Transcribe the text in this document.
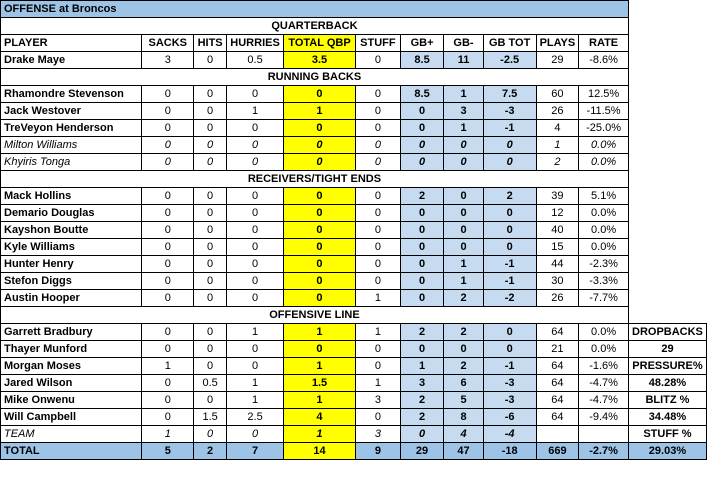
OFFENSE at Broncos											
QUARTERBACK											
PLAYER	SACKS	HITS	HURRIES	TOTAL QBP	STUFF	GB+	GB-	GB TOT	PLAYS	RATE	
Drake Maye	3	0	0.5	3.5	0	8.5	11	-2.5	29	-8.6%	
RUNNING BACKS											
Rhamondre Stevenson	0	0	0	0	0	8.5	1	7.5	60	12.5%	
Jack Westover	0	0	1	1	0	0	3	-3	26	-11.5%	
TreVeyon Henderson	0	0	0	0	0	0	1	-1	4	-25.0%	
Milton Williams	0	0	0	0	0	0	0	0	1	0.0%	
Khyiris Tonga	0	0	0	0	0	0	0	0	2	0.0%	
RECEIVERS/TIGHT ENDS											
Mack Hollins	0	0	0	0	0	2	0	2	39	5.1%	
Demario Douglas	0	0	0	0	0	0	0	0	12	0.0%	
Kayshon Boutte	0	0	0	0	0	0	0	0	40	0.0%	
Kyle Williams	0	0	0	0	0	0	0	0	15	0.0%	
Hunter Henry	0	0	0	0	0	0	1	-1	44	-2.3%	
Stefon Diggs	0	0	0	0	0	0	1	-1	30	-3.3%	
Austin Hooper	0	0	0	0	1	0	2	-2	26	-7.7%	
OFFENSIVE LINE											
Garrett Bradbury	0	0	1	1	1	2	2	0	64	0.0%	DROPBACKS
Thayer Munford	0	0	0	0	0	0	0	0	21	0.0%	29
Morgan Moses	1	0	0	1	0	1	2	-1	64	-1.6%	PRESSURE%
Jared Wilson	0	0.5	1	1.5	1	3	6	-3	64	-4.7%	48.28%
Mike Onwenu	0	0	1	1	3	2	5	-3	64	-4.7%	BLITZ %
Will Campbell	0	1.5	2.5	4	0	2	8	-6	64	-9.4%	34.48%
TEAM	1	0	0	1	3	0	4	-4			STUFF %
TOTAL	5	2	7	14	9	29	47	-18	669	-2.7%	29.03%
